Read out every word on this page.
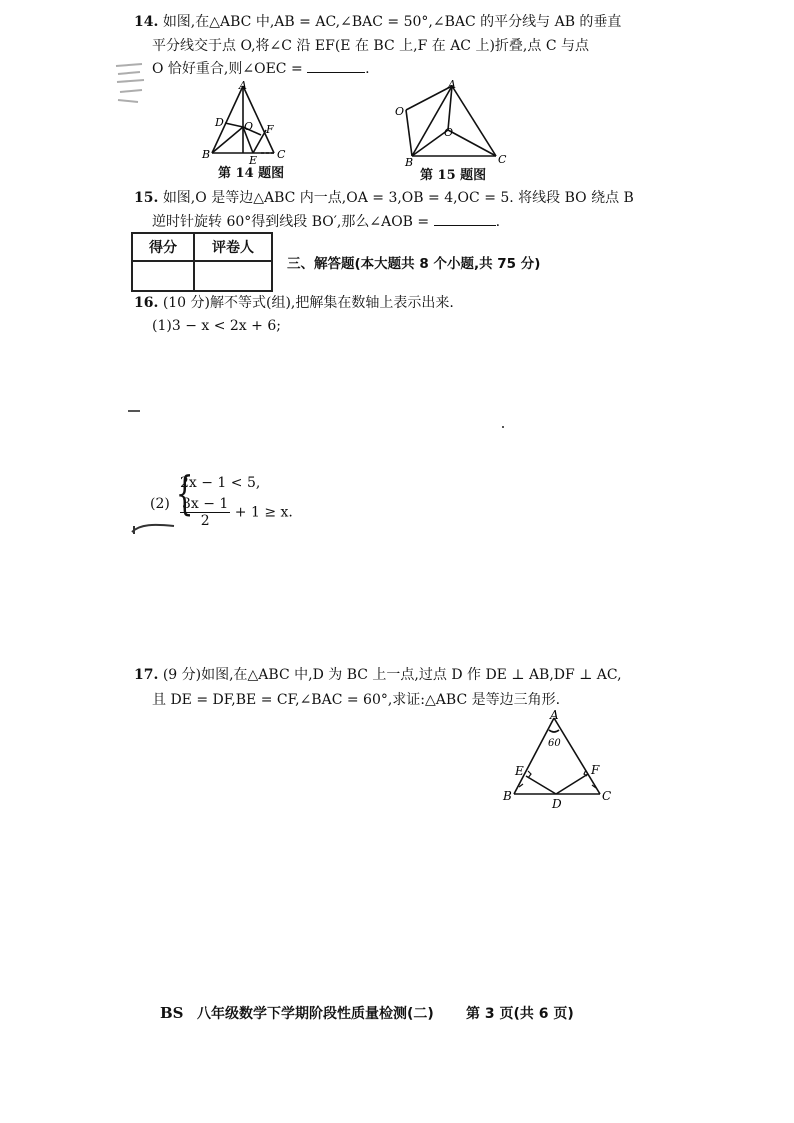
14. 如图,在△ABC 中,AB = AC,∠BAC = 50°,∠BAC 的平分线与 AB 的垂直
平分线交于点 O,将∠C 沿 EF(E 在 BC 上,F 在 AC 上)折叠,点 C 与点
O 恰好重合,则∠OEC =	.
A
D O F
B	E C
第 14 题图
A
O
O
B	C
第 15 题图
15. 如图,O 是等边△ABC 内一点,OA = 3,OB = 4,OC = 5. 将线段 BO 绕点 B
逆时针旋转 60°得到线段 BO′,那么∠AOB =	.
得分	评卷人

三、解答题(本大题共 8 个小题,共 75 分)
16. (10 分)解不等式(组),把解集在数轴上表示出来.
(1)3 − x < 2x + 6;
(2) {
2x − 1 < 5,
$\frac{3x - 1}{2} + 1 \ge x$.
17. (9 分)如图,在△ABC 中,D 为 BC 上一点,过点 D 作 DE ⊥ AB,DF ⊥ AC,
且 DE = DF,BE = CF,∠BAC = 60°,求证:△ABC 是等边三角形.
A
60
E	F
B
D
C
BS 八年级数学下学期阶段性质量检测(二) 第 3 页(共 6 页)
